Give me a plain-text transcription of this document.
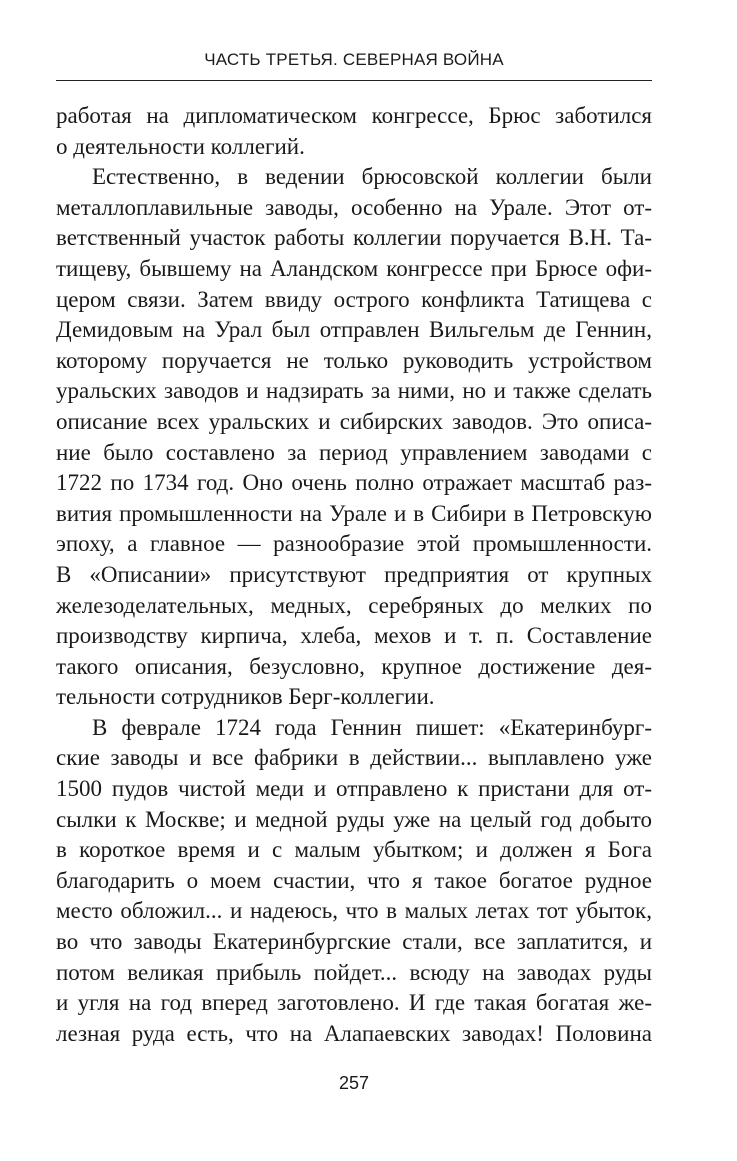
ЧАСТЬ ТРЕТЬЯ. СЕВЕРНАЯ ВОЙНА
работая на дипломатическом конгрессе, Брюс заботился
о деятельности коллегий.
Естественно, в ведении брюсовской коллегии были
металлоплавильные заводы, особенно на Урале. Этот от-
ветственный участок работы коллегии поручается В.Н. Та-
тищеву, бывшему на Аландском конгрессе при Брюсе офи-
цером связи. Затем ввиду острого конфликта Татищева с
Демидовым на Урал был отправлен Вильгельм де Геннин,
которому поручается не только руководить устройством
уральских заводов и надзирать за ними, но и также сделать
описание всех уральских и сибирских заводов. Это описа-
ние было составлено за период управлением заводами с
1722 по 1734 год. Оно очень полно отражает масштаб раз-
вития промышленности на Урале и в Сибири в Петровскую
эпоху, а главное — разнообразие этой промышленности.
В «Описании» присутствуют предприятия от крупных
железоделательных, медных, серебряных до мелких по
производству кирпича, хлеба, мехов и т. п. Составление
такого описания, безусловно, крупное достижение дея-
тельности сотрудников Берг-коллегии.
В феврале 1724 года Геннин пишет: «Екатеринбург-
ские заводы и все фабрики в действии... выплавлено уже
1500 пудов чистой меди и отправлено к пристани для от-
сылки к Москве; и медной руды уже на целый год добыто
в короткое время и с малым убытком; и должен я Бога
благодарить о моем счастии, что я такое богатое рудное
место обложил... и надеюсь, что в малых летах тот убыток,
во что заводы Екатеринбургские стали, все заплатится, и
потом великая прибыль пойдет... всюду на заводах руды
и угля на год вперед заготовлено. И где такая богатая же-
лезная руда есть, что на Алапаевских заводах! Половина
257
